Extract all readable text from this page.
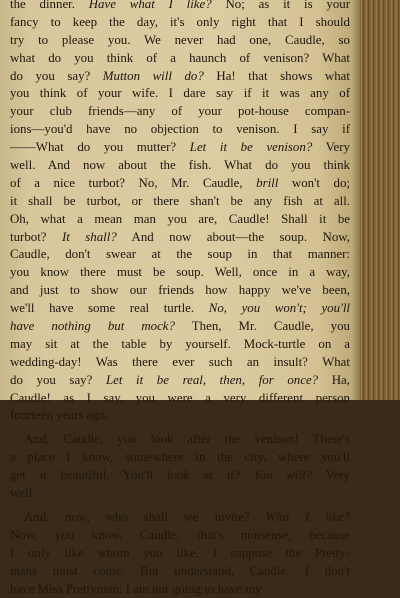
the dinner. Have what I like? No; as it is your
fancy to keep the day, it's only right that I should
try to please you. We never had one, Caudle, so
what do you think of a haunch of venison? What
do you say? Mutton will do? Ha! that shows what
you think of your wife. I dare say if it was any of
your club friends—any of your pot-house compan-
ions—you'd have no objection to venison. I say if
——What do you mutter? Let it be venison? Very
well. And now about the fish. What do you think
of a nice turbot? No, Mr. Caudle, brill won't do;
it shall be turbot, or there shan't be any fish at all.
Oh, what a mean man you are, Caudle! Shall it be
turbot? It shall? And now about—the soup. Now,
Caudle, don't swear at the soup in that manner:
you know there must be soup. Well, once in a way,
and just to show our friends how happy we've been,
we'll have some real turtle. No, you won't; you'll
have nothing but mock? Then, Mr. Caudle, you
may sit at the table by yourself. Mock-turtle on a
wedding-day! Was there ever such an insult? What
do you say? Let it be real, then, for once? Ha,
Caudle! as I say, you were a very different person
fourteen years ago.
And, Caudle, you look after the venison! There's
a place I know, somewhere in the city, where you'll
get it beautiful. You'll look at it? You will? Very
well.
And, now, who shall we invite? Who I like?
Now, you know, Caudle, that's nonsense; because
I only like whom you like. I suppose the Pretty-
mans must come. But understand, Caudle, I don't
have Miss Prettyman: I am not going to have my
